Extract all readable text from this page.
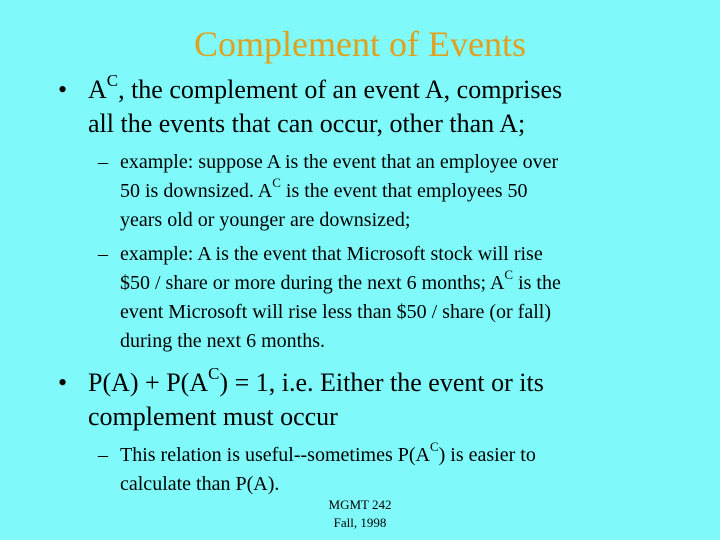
Complement of Events
• $A^C$, the complement of an event A, comprises
all the events that can occur, other than A;
– example: suppose A is the event that an employee over
50 is downsized. $A^C$ is the event that employees 50
years old or younger are downsized;
– example: A is the event that Microsoft stock will rise
$50 / share or more during the next 6 months; $A^C$ is the
event Microsoft will rise less than $50 / share (or fall)
during the next 6 months.
• $P(A) + P(A^C) = 1$, i.e. Either the event or its
complement must occur
– This relation is useful--sometimes $P(A^C)$ is easier to
calculate than P(A).
MGMT 242
Fall, 1998
